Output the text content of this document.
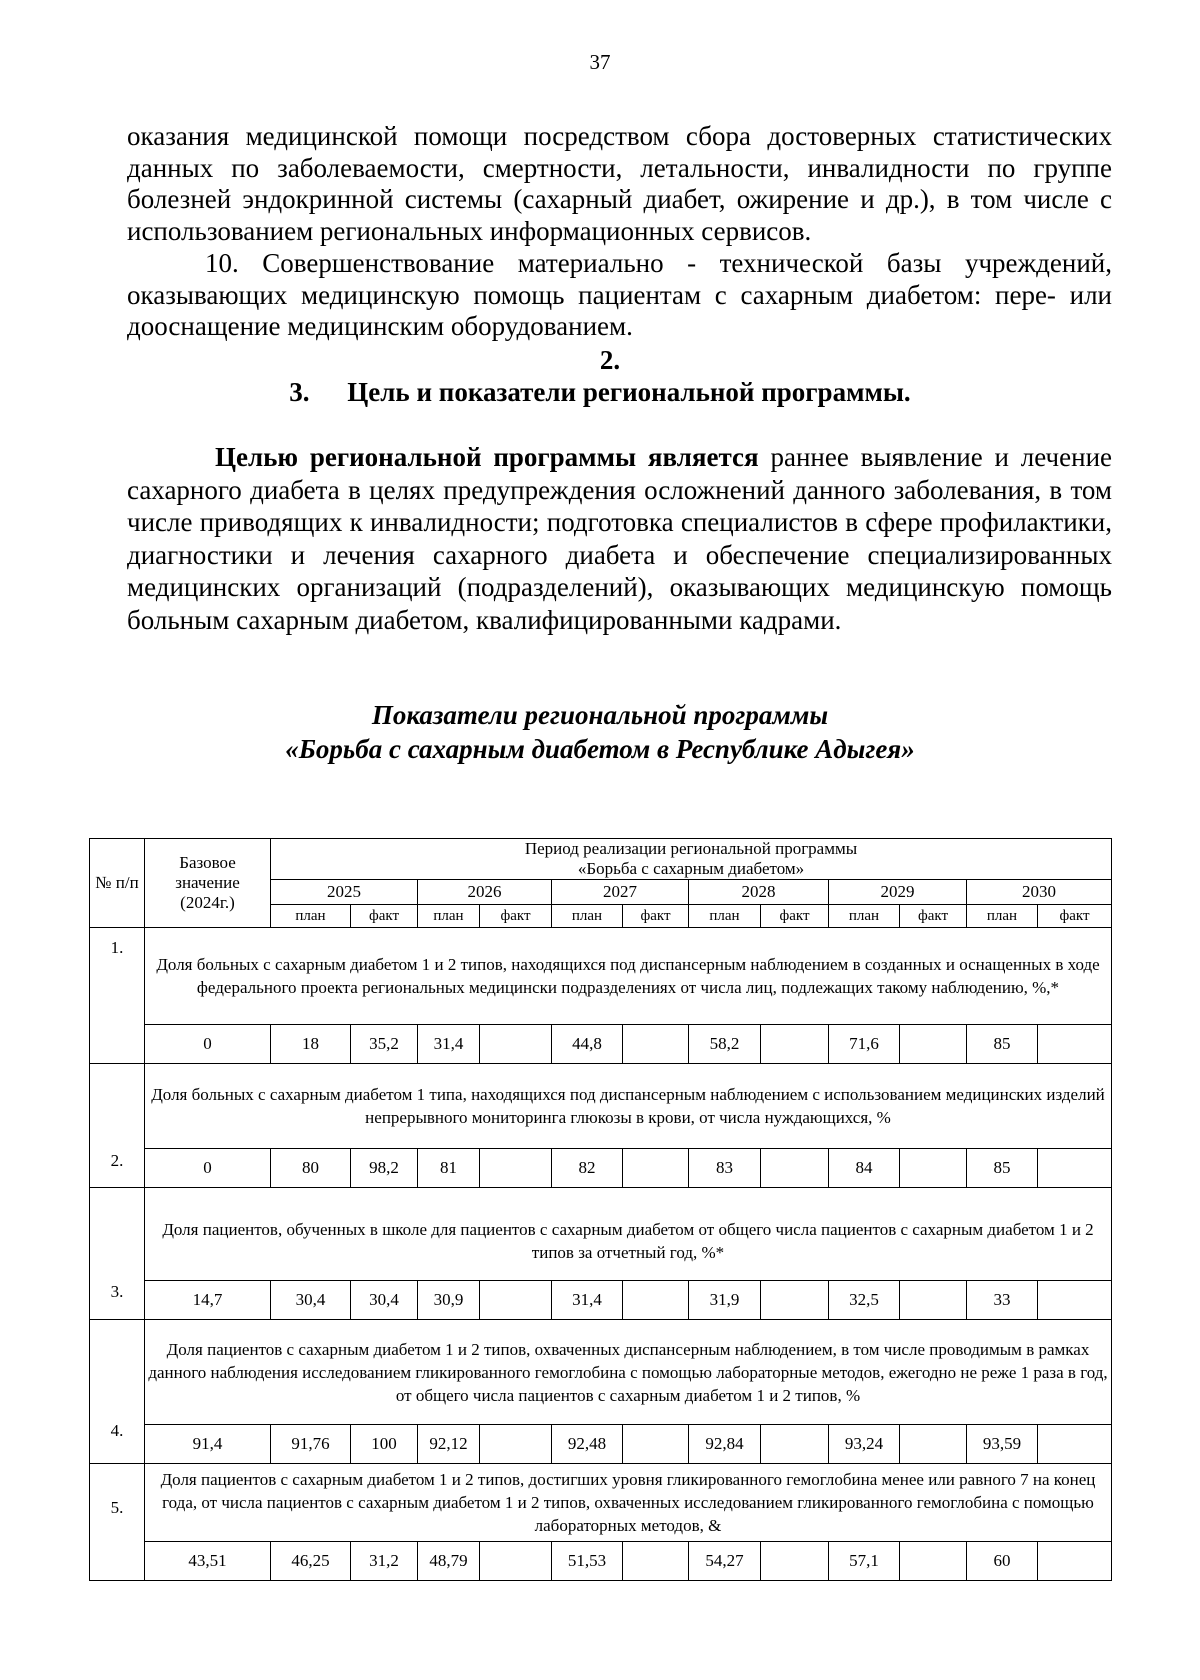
37

оказания медицинской помощи посредством сбора достоверных статистических данных по заболеваемости, смертности, летальности, инвалидности по группе болезней эндокринной системы (сахарный диабет, ожирение и др.), в том числе с использованием региональных информационных сервисов.

10. Совершенствование материально - технической базы учреждений, оказывающих медицинскую помощь пациентам с сахарным диабетом: пере- или дооснащение медицинским оборудованием.

2.
3. Цель и показатели региональной программы.

Целью региональной программы является раннее выявление и лечение сахарного диабета в целях предупреждения осложнений данного заболевания, в том числе приводящих к инвалидности; подготовка специалистов в сфере профилактики, диагностики и лечения сахарного диабета и обеспечение специализированных медицинских организаций (подразделений), оказывающих медицинскую помощь больным сахарным диабетом, квалифицированными кадрами.

Показатели региональной программы
«Борьба с сахарным диабетом в Республике Адыгея»
№ п/п	Базовое значение (2024г.)	Период реализации региональной программы
«Борьба с сахарным диабетом»											

		2025		2026		2027		2028		2029		2030	
		план	факт	план	факт	план	факт	план	факт	план	факт	план	факт
1.	Доля больных с сахарным диабетом 1 и 2 типов, находящихся под диспансерным наблюдением в созданных и оснащенных в ходе федерального проекта региональных медицински подразделениях от числа лиц, подлежащих такому наблюдению, %,*												
	0	18	35,2	31,4		44,8		58,2		71,6		85	
2.	Доля больных с сахарным диабетом 1 типа, находящихся под диспансерным наблюдением с использованием медицинских изделий непрерывного мониторинга глюкозы в крови, от числа нуждающихся, %												
	0	80	98,2	81		82		83		84		85	
3.	Доля пациентов, обученных в школе для пациентов с сахарным диабетом от общего числа пациентов с сахарным диабетом 1 и 2 типов за отчетный год, %*												
	14,7	30,4	30,4	30,9		31,4		31,9		32,5		33	
4.	Доля пациентов с сахарным диабетом 1 и 2 типов, охваченных диспансерным наблюдением, в том числе проводимым в рамках данного наблюдения исследованием гликированного гемоглобина с помощью лабораторные методов, ежегодно не реже 1 раза в год, от общего числа пациентов с сахарным диабетом 1 и 2 типов, %												
	91,4	91,76	100	92,12		92,48		92,84		93,24		93,59	
5.	Доля пациентов с сахарным диабетом 1 и 2 типов, достигших уровня гликированного гемоглобина менее или равного 7 на конец года, от числа пациентов с сахарным диабетом 1 и 2 типов, охваченных исследованием гликированного гемоглобина с помощью лабораторных методов, &												
	43,51	46,25	31,2	48,79		51,53		54,27		57,1		60	
